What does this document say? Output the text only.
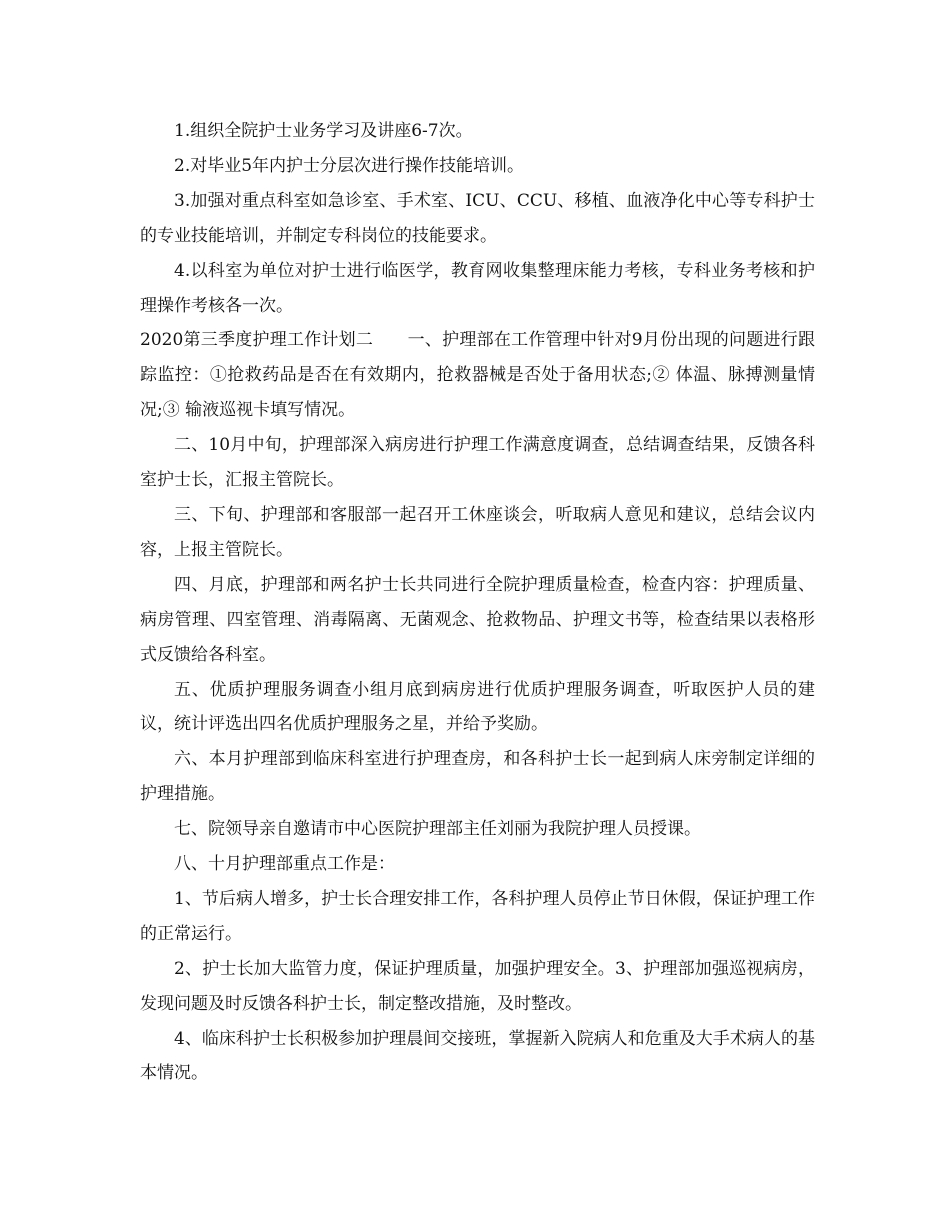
1.组织全院护士业务学习及讲座6-7次。

2.对毕业5年内护士分层次进行操作技能培训。

3.加强对重点科室如急诊室、手术室、ICU、CCU、移植、血液净化中心等专科护士的专业技能培训，并制定专科岗位的技能要求。

4.以科室为单位对护士进行临医学，教育网收集整理床能力考核，专科业务考核和护理操作考核各一次。

2020第三季度护理工作计划二　　一、护理部在工作管理中针对9月份出现的问题进行跟踪监控：①抢救药品是否在有效期内，抢救器械是否处于备用状态;② 体温、脉搏测量情况;③ 输液巡视卡填写情况。

二、10月中旬，护理部深入病房进行护理工作满意度调查，总结调查结果，反馈各科室护士长，汇报主管院长。

三、下旬、护理部和客服部一起召开工休座谈会，听取病人意见和建议，总结会议内容，上报主管院长。

四、月底，护理部和两名护士长共同进行全院护理质量检查，检查内容：护理质量、病房管理、四室管理、消毒隔离、无菌观念、抢救物品、护理文书等，检查结果以表格形式反馈给各科室。

五、优质护理服务调查小组月底到病房进行优质护理服务调查，听取医护人员的建议，统计评选出四名优质护理服务之星，并给予奖励。

六、本月护理部到临床科室进行护理查房，和各科护士长一起到病人床旁制定详细的护理措施。

七、院领导亲自邀请市中心医院护理部主任刘丽为我院护理人员授课。

八、十月护理部重点工作是：

1、节后病人增多，护士长合理安排工作，各科护理人员停止节日休假，保证护理工作的正常运行。

2、护士长加大监管力度，保证护理质量，加强护理安全。3、护理部加强巡视病房，发现问题及时反馈各科护士长，制定整改措施，及时整改。

4、临床科护士长积极参加护理晨间交接班，掌握新入院病人和危重及大手术病人的基本情况。
